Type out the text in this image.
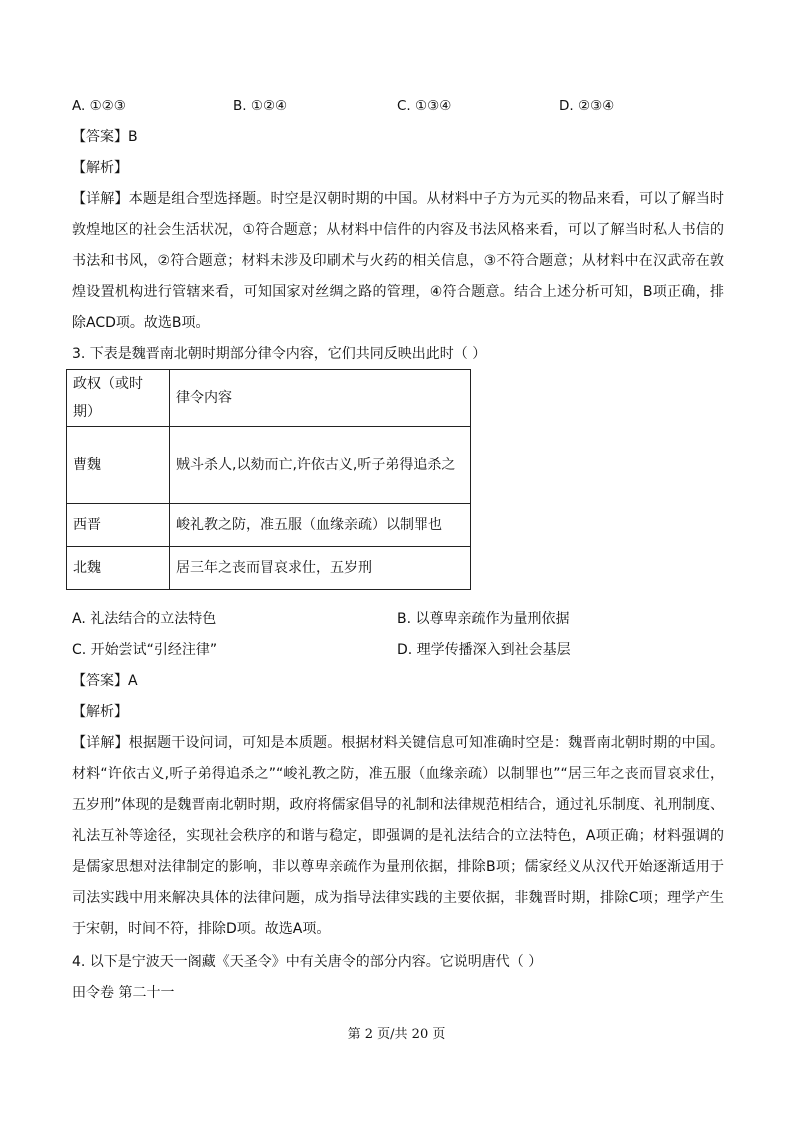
A. ①②③	B. ①②④	C. ①③④	D. ②③④
【答案】B
【解析】
【详解】本题是组合型选择题。时空是汉朝时期的中国。从材料中子方为元买的物品来看，可以了解当时敦煌地区的社会生活状况，①符合题意；从材料中信件的内容及书法风格来看，可以了解当时私人书信的书法和书风，②符合题意；材料未涉及印刷术与火药的相关信息，③不符合题意；从材料中在汉武帝在敦煌设置机构进行管辖来看，可知国家对丝绸之路的管理，④符合题意。结合上述分析可知，B项正确，排除ACD项。故选B项。
3. 下表是魏晋南北朝时期部分律令内容，它们共同反映出此时（ ）
政权（或时期）	律令内容
曹魏	贼斗杀人,以劾而亡,许依古义,听子弟得追杀之
西晋	峻礼教之防，准五服（血缘亲疏）以制罪也
北魏	居三年之丧而冒哀求仕，五岁刑
A. 礼法结合的立法特色	B. 以尊卑亲疏作为量刑依据
C. 开始尝试“引经注律”	D. 理学传播深入到社会基层
【答案】A
【解析】
【详解】根据题干设问词，可知是本质题。根据材料关键信息可知准确时空是：魏晋南北朝时期的中国。材料“许依古义,听子弟得追杀之”“峻礼教之防，准五服（血缘亲疏）以制罪也”“居三年之丧而冒哀求仕，五岁刑”体现的是魏晋南北朝时期，政府将儒家倡导的礼制和法律规范相结合，通过礼乐制度、礼刑制度、礼法互补等途径，实现社会秩序的和谐与稳定，即强调的是礼法结合的立法特色，A项正确；材料强调的是儒家思想对法律制定的影响，非以尊卑亲疏作为量刑依据，排除B项；儒家经义从汉代开始逐渐适用于司法实践中用来解决具体的法律问题，成为指导法律实践的主要依据，非魏晋时期，排除C项；理学产生于宋朝，时间不符，排除D项。故选A项。
4. 以下是宁波天一阁藏《天圣令》中有关唐令的部分内容。它说明唐代（ ）
田令卷 第二十一
第 2 页/共 20 页
